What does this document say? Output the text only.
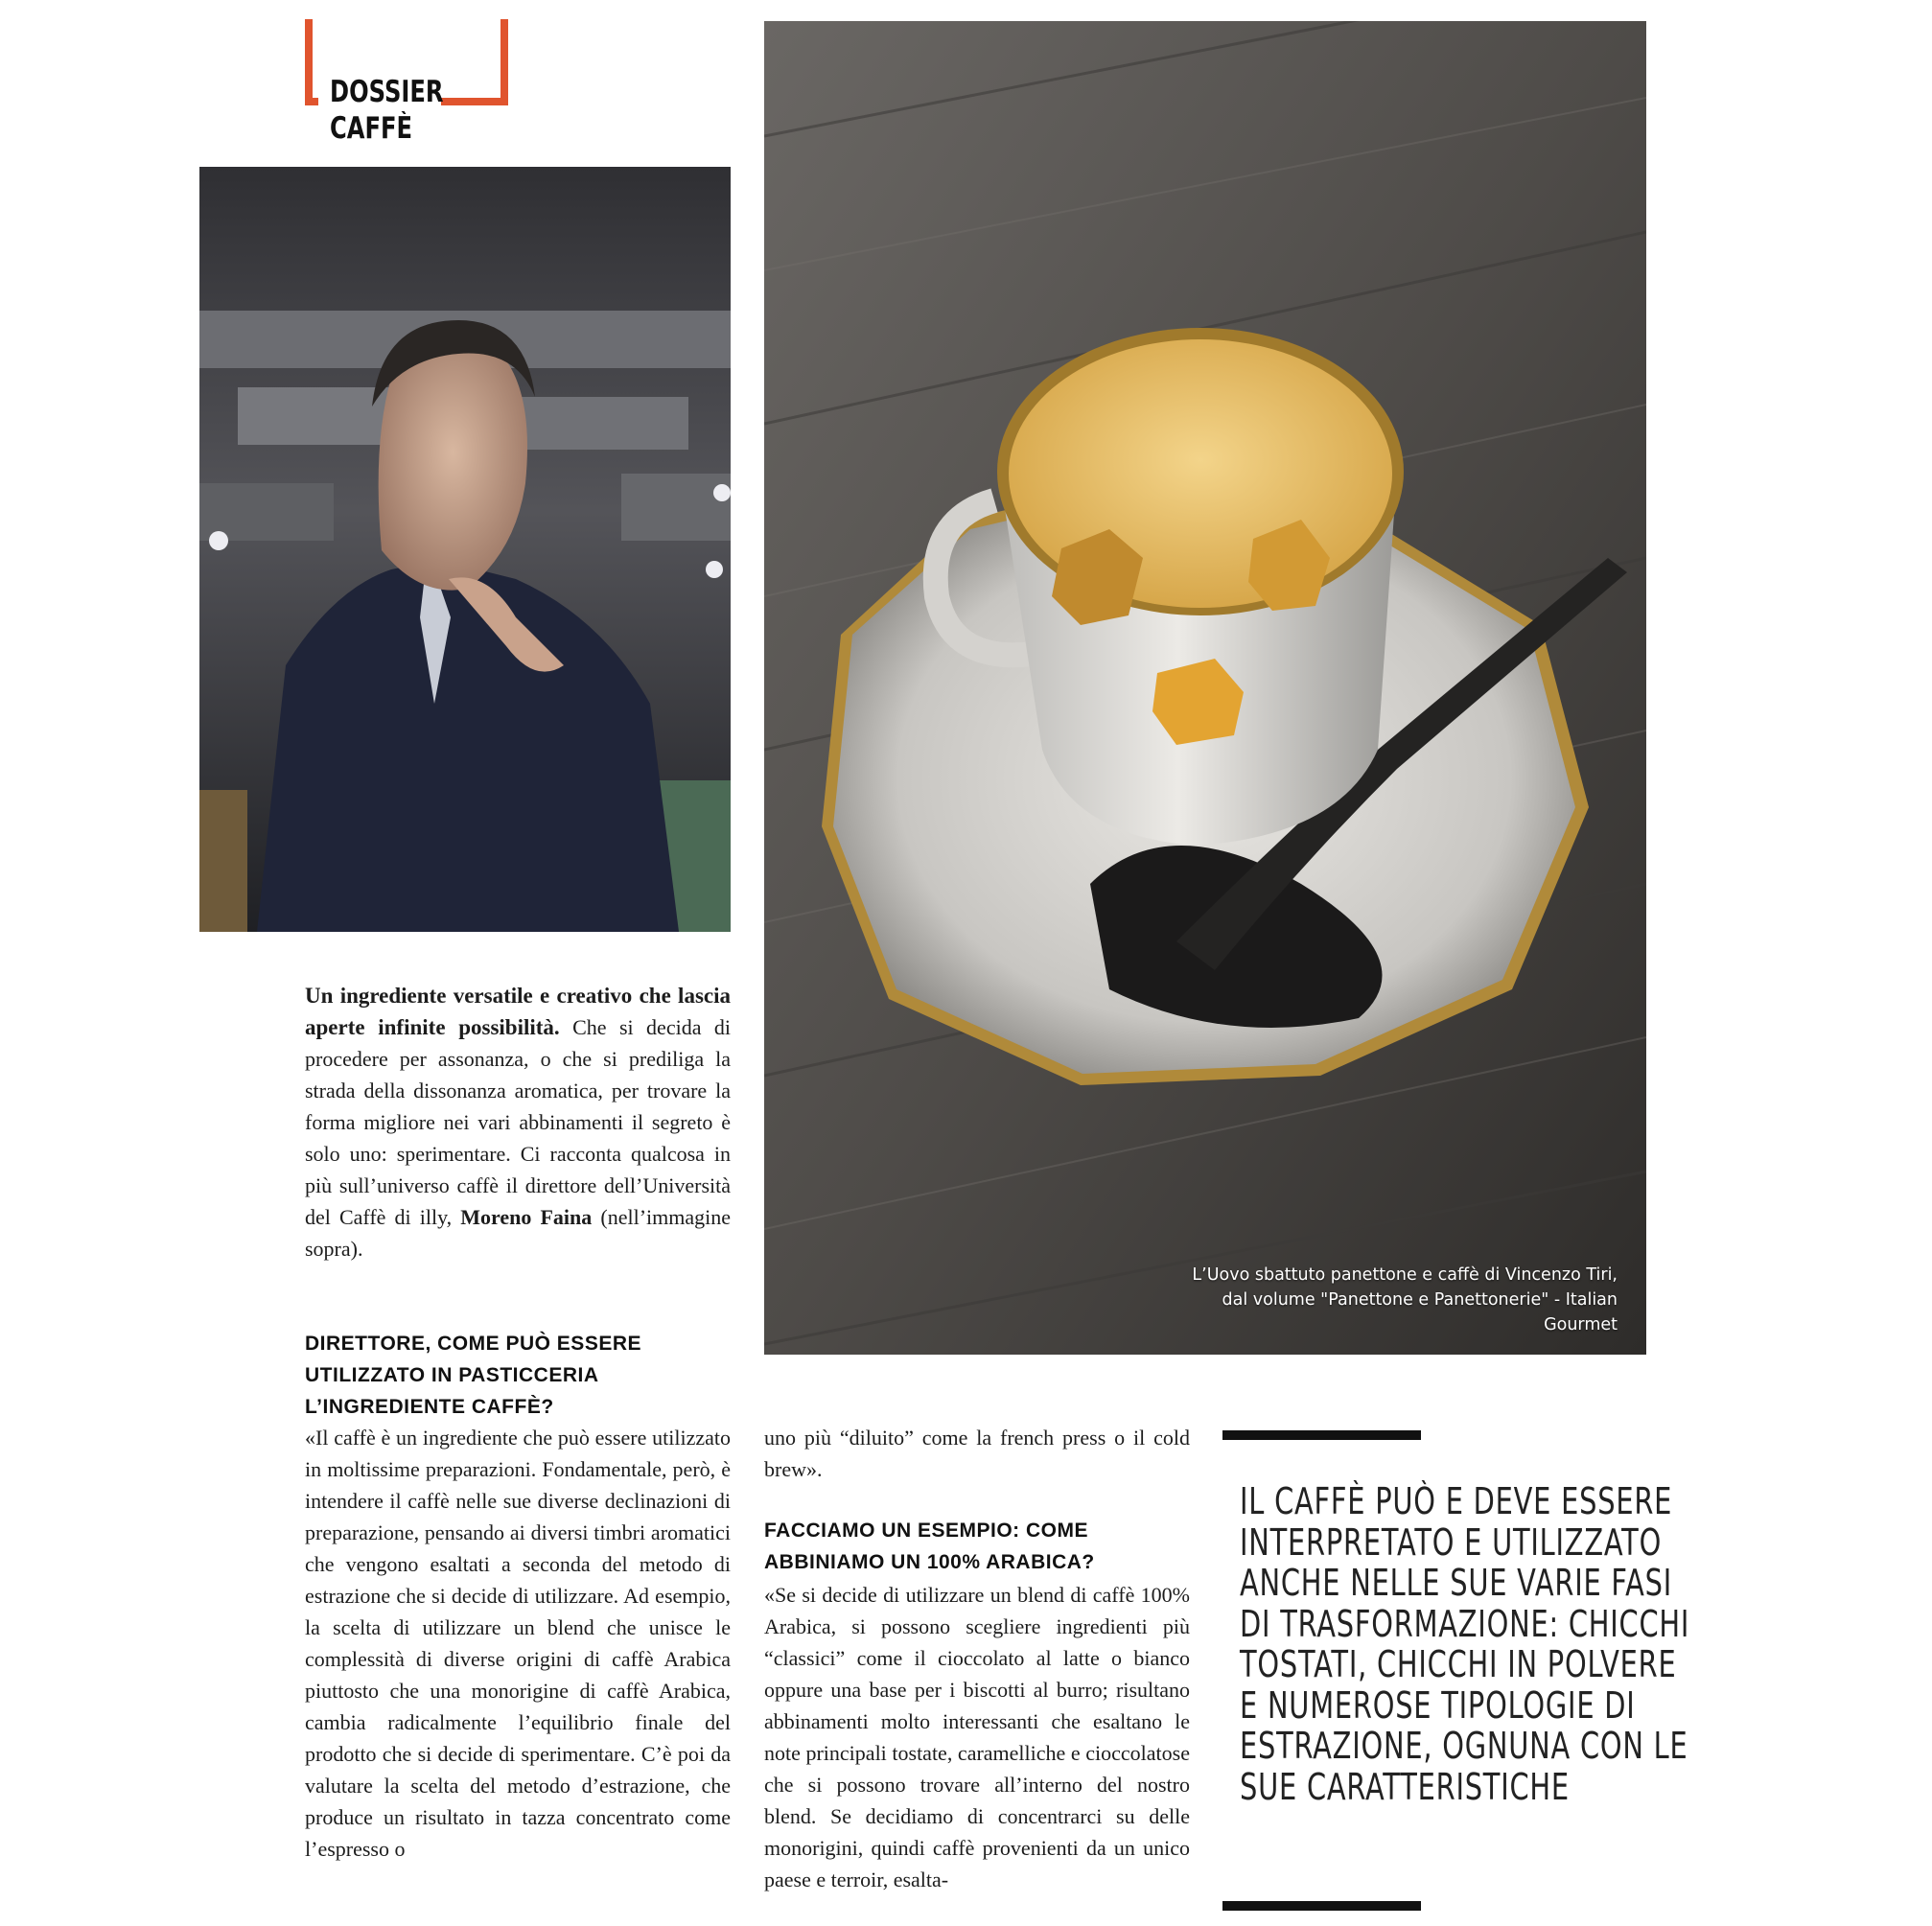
DOSSIER
CAFFÈ
L’Uovo sbattuto panettone e caffè di Vincenzo Tiri, dal volume "Panettone e Panettonerie" - Italian Gourmet
Un ingrediente versatile e creativo che lascia aperte infinite possibilità. Che si decida di procedere per assonanza, o che si prediliga la strada della dissonanza aromatica, per trovare la forma migliore nei vari abbinamenti il segreto è solo uno: sperimentare. Ci racconta qualcosa in più sull’universo caffè il direttore dell’Università del Caffè di illy, Moreno Faina (nell’immagine sopra).
DIRETTORE, COME PUÒ ESSERE UTILIZZATO IN PASTICCERIA L’INGREDIENTE CAFFÈ?
«Il caffè è un ingrediente che può essere utilizzato in moltissime preparazioni. Fondamentale, però, è intendere il caffè nelle sue diverse declinazioni di preparazione, pensando ai diversi timbri aromatici che vengono esaltati a seconda del metodo di estrazione che si decide di utilizzare. Ad esempio, la scelta di utilizzare un blend che unisce le complessità di diverse origini di caffè Arabica piuttosto che una monorigine di caffè Arabica, cambia radicalmente l’equilibrio finale del prodotto che si decide di sperimentare. C’è poi da valutare la scelta del metodo d’estrazione, che produce un risultato in tazza concentrato come l’espresso o
uno più “diluito” come la french press o il cold brew».
FACCIAMO UN ESEMPIO: COME ABBINIAMO UN 100% ARABICA?
«Se si decide di utilizzare un blend di caffè 100% Arabica, si possono scegliere ingredienti più “classici” come il cioccolato al latte o bianco oppure una base per i biscotti al burro; risultano abbinamenti molto interessanti che esaltano le note principali tostate, caramelliche e cioccolatose che si possono trovare all’interno del nostro blend. Se decidiamo di concentrarci su delle monorigini, quindi caffè provenienti da un unico paese e terroir, esalta-
IL CAFFÈ PUÒ E DEVE ESSERE INTERPRETATO E UTILIZZATO ANCHE NELLE SUE VARIE FASI DI TRASFORMAZIONE: CHICCHI TOSTATI, CHICCHI IN POLVERE E NUMEROSE TIPOLOGIE DI ESTRAZIONE, OGNUNA CON LE SUE CARATTERISTICHE
